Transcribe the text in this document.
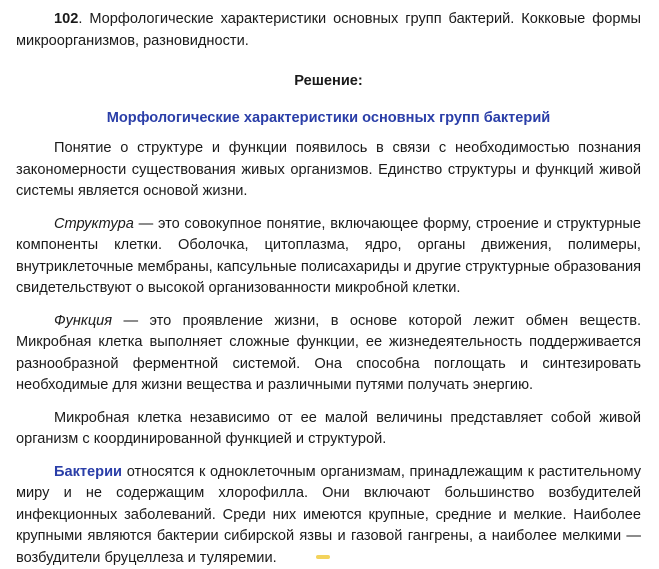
102. Морфологические характеристики основных групп бактерий. Кокковые формы микроорганизмов, разновидности.

Решение:

Морфологические характеристики основных групп бактерий

Понятие о структуре и функции появилось в связи с необходимостью познания закономерности существования живых организмов. Единство структуры и функций живой системы является основой жизни.

Структура — это совокупное понятие, включающее форму, строение и структурные компоненты клетки. Оболочка, цитоплазма, ядро, органы движения, полимеры, внутриклеточные мембраны, капсульные полисахариды и другие структурные образования свидетельствуют о высокой организованности микробной клетки.

Функция — это проявление жизни, в основе которой лежит обмен веществ. Микробная клетка выполняет сложные функции, ее жизнедеятельность поддерживается разнообразной ферментной системой. Она способна поглощать и синтезировать необходимые для жизни вещества и различными путями получать энергию.

Микробная клетка независимо от ее малой величины представляет собой живой организм с координированной функцией и структурой.

Бактерии относятся к одноклеточным организмам, принадлежащим к растительному миру и не содержащим хлорофилла. Они включают большинство возбудителей инфекционных заболеваний. Среди них имеются крупные, средние и мелкие. Наиболее крупными являются бактерии сибирской язвы и газовой гангрены, а наиболее мелкими — возбудители бруцеллеза и туляремии.
